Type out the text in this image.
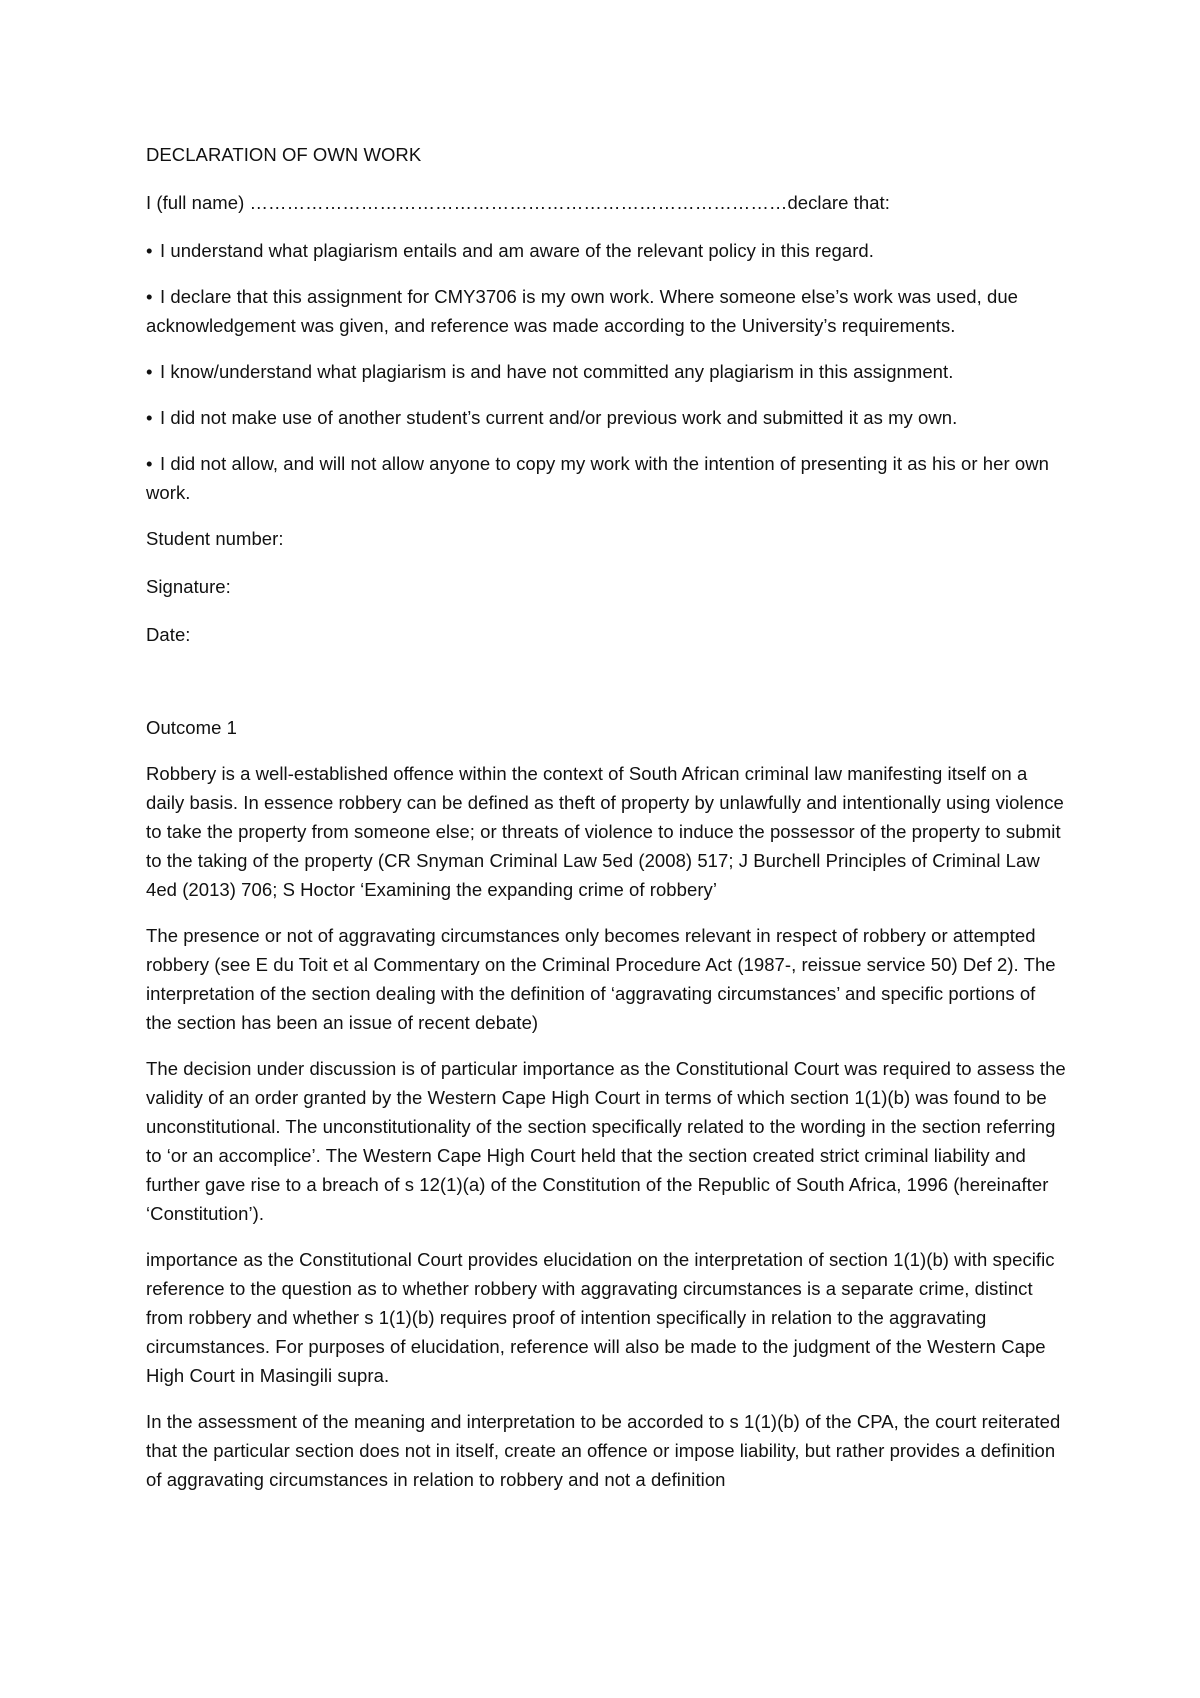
DECLARATION OF OWN WORK

I (full name) ……………………………………………………………………………declare that:

• I understand what plagiarism entails and am aware of the relevant policy in this regard.

• I declare that this assignment for CMY3706 is my own work. Where someone else’s work was used, due acknowledgement was given, and reference was made according to the University’s requirements.

• I know/understand what plagiarism is and have not committed any plagiarism in this assignment.

• I did not make use of another student’s current and/or previous work and submitted it as my own.

• I did not allow, and will not allow anyone to copy my work with the intention of presenting it as his or her own work.

Student number:

Signature:

Date:

Outcome 1

Robbery is a well-established offence within the context of South African criminal law manifesting itself on a daily basis. In essence robbery can be defined as theft of property by unlawfully and intentionally using violence to take the property from someone else; or threats of violence to induce the possessor of the property to submit to the taking of the property (CR Snyman Criminal Law 5ed (2008) 517; J Burchell Principles of Criminal Law 4ed (2013) 706; S Hoctor ‘Examining the expanding crime of robbery’

The presence or not of aggravating circumstances only becomes relevant in respect of robbery or attempted robbery (see E du Toit et al Commentary on the Criminal Procedure Act (1987-, reissue service 50) Def 2). The interpretation of the section dealing with the definition of ‘aggravating circumstances’ and specific portions of the section has been an issue of recent debate)

The decision under discussion is of particular importance as the Constitutional Court was required to assess the validity of an order granted by the Western Cape High Court in terms of which section 1(1)(b) was found to be unconstitutional. The unconstitutionality of the section specifically related to the wording in the section referring to ‘or an accomplice’. The Western Cape High Court held that the section created strict criminal liability and further gave rise to a breach of s 12(1)(a) of the Constitution of the Republic of South Africa, 1996 (hereinafter ‘Constitution’).

importance as the Constitutional Court provides elucidation on the interpretation of section 1(1)(b) with specific reference to the question as to whether robbery with aggravating circumstances is a separate crime, distinct from robbery and whether s 1(1)(b) requires proof of intention specifically in relation to the aggravating circumstances. For purposes of elucidation, reference will also be made to the judgment of the Western Cape High Court in Masingili supra.

In the assessment of the meaning and interpretation to be accorded to s 1(1)(b) of the CPA, the court reiterated that the particular section does not in itself, create an offence or impose liability, but rather provides a definition of aggravating circumstances in relation to robbery and not a definition
